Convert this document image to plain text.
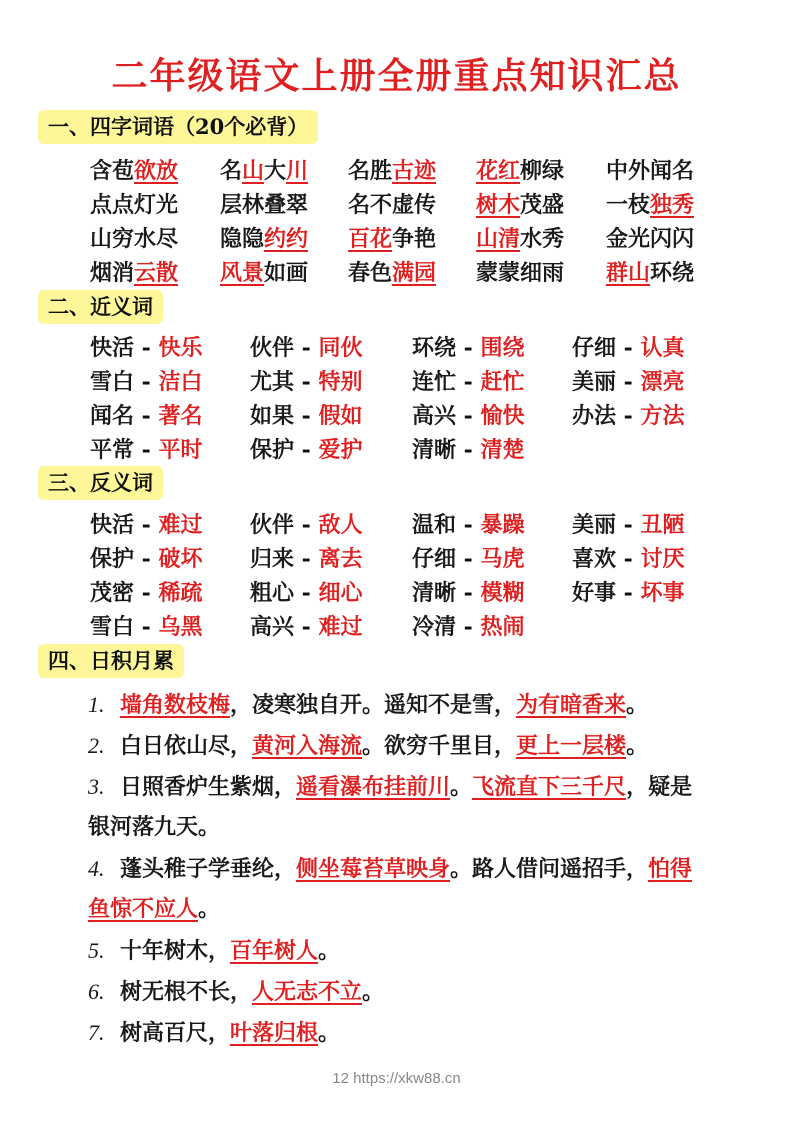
二年级语文上册全册重点知识汇总
一、四字词语（20个必背）
含苞欲放 名山大川 名胜古迹 花红柳绿 中外闻名
点点灯光 层林叠翠 名不虚传 树木茂盛 一枝独秀
山穷水尽 隐隐约约 百花争艳 山清水秀 金光闪闪
烟消云散 风景如画 春色满园 蒙蒙细雨 群山环绕
二、近义词
快活 - 快乐 伙伴 - 同伙 环绕 - 围绕 仔细 - 认真
雪白 - 洁白 尤其 - 特别 连忙 - 赶忙 美丽 - 漂亮
闻名 - 著名 如果 - 假如 高兴 - 愉快 办法 - 方法
平常 - 平时 保护 - 爱护 清晰 - 清楚
三、反义词
快活 - 难过 伙伴 - 敌人 温和 - 暴躁 美丽 - 丑陋
保护 - 破坏 归来 - 离去 仔细 - 马虎 喜欢 - 讨厌
茂密 - 稀疏 粗心 - 细心 清晰 - 模糊 好事 - 坏事
雪白 - 乌黑 高兴 - 难过 冷清 - 热闹
四、日积月累
1. 墙角数枝梅，凌寒独自开。遥知不是雪，为有暗香来。
2. 白日依山尽，黄河入海流。欲穷千里目，更上一层楼。
3. 日照香炉生紫烟，遥看瀑布挂前川。飞流直下三千尺，疑是
银河落九天。
4. 蓬头稚子学垂纶，侧坐莓苔草映身。路人借问遥招手，怕得
鱼惊不应人。
5. 十年树木，百年树人。
6. 树无根不长，人无志不立。
7. 树高百尺，叶落归根。
12 https://xkw88.cn
